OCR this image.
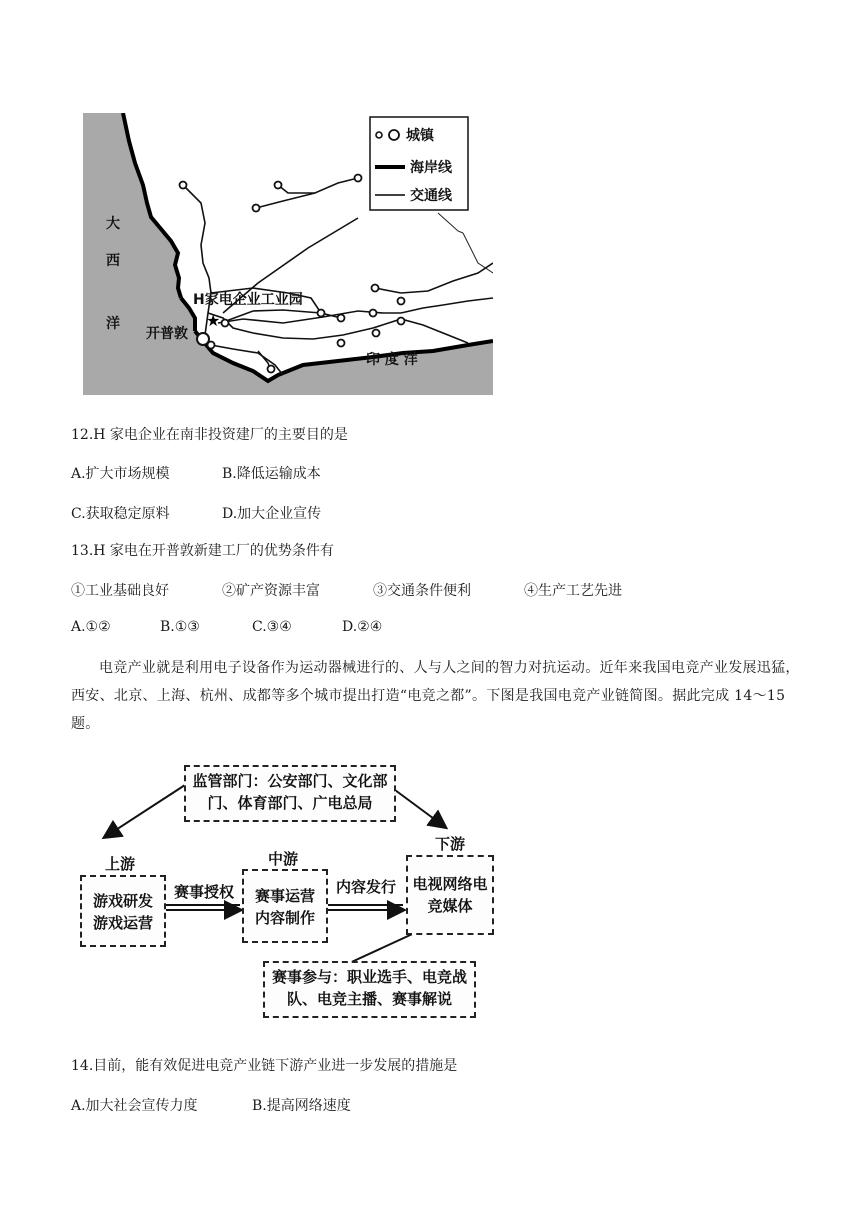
★
H家电企业工业园
开普敦
印 度 洋
大
西
洋
城镇
海岸线
交通线
12.H 家电企业在南非投资建厂的主要目的是
A.扩大市场规模	B.降低运输成本
C.获取稳定原料	D.加大企业宣传
13.H 家电在开普敦新建工厂的优势条件有
①工业基础良好	②矿产资源丰富	③交通条件便利	④生产工艺先进
A.①②	B.①③	C.③④	D.②④
电竞产业就是利用电子设备作为运动器械进行的、人与人之间的智力对抗运动。近年来我国电竞产业发展迅猛，西安、北京、上海、杭州、成都等多个城市提出打造“电竞之都”。下图是我国电竞产业链简图。据此完成 14～15 题。
监管部门：公安部门、文化部门、体育部门、广电总局
上游
游戏研发游戏运营
赛事授权
中游
赛事运营内容制作
内容发行
下游
电视网络电竞媒体
赛事参与：职业选手、电竞战队、电竞主播、赛事解说
14.目前，能有效促进电竞产业链下游产业进一步发展的措施是
A.加大社会宣传力度	B.提高网络速度
